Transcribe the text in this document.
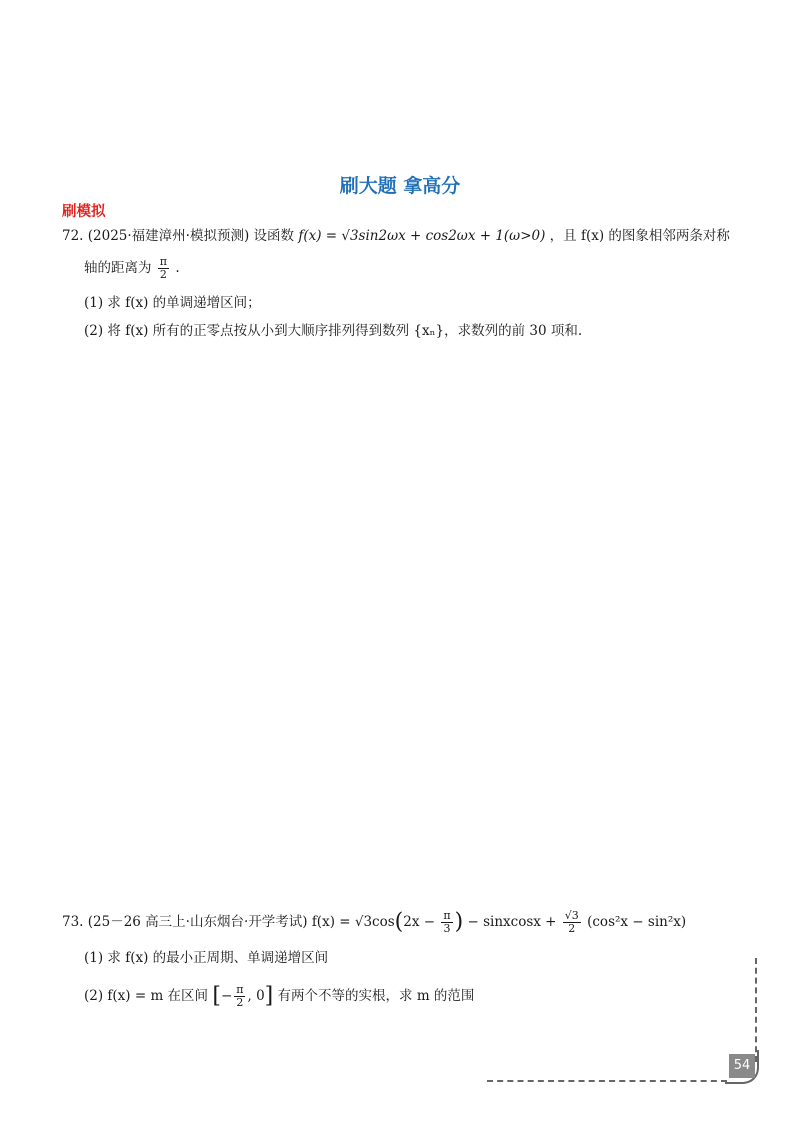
刷大题 拿高分
刷模拟
72. (2025·福建漳州·模拟预测) 设函数 f(x) = √3sin2ωx + cos2ωx + 1(ω>0) ，且 f(x) 的图象相邻两条对称
轴的距离为 $\frac{\pi}{2}$ .
(1) 求 f(x) 的单调递增区间；
(2) 将 f(x) 所有的正零点按从小到大顺序排列得到数列 {xₙ}，求数列的前 30 项和.
73. (25－26 高三上·山东烟台·开学考试) $f(x) = √3\cos(2x - \frac{\pi}{3}$ ) − sinxcosx + $\frac{√3}{2} (\cos^2x - \sin^2x)$
(1) 求 f(x) 的最小正周期、单调递增区间
(2) f(x) = m 在区间 [− $\frac{\pi}{2}$ , 0] 有两个不等的实根，求 m 的范围
54
